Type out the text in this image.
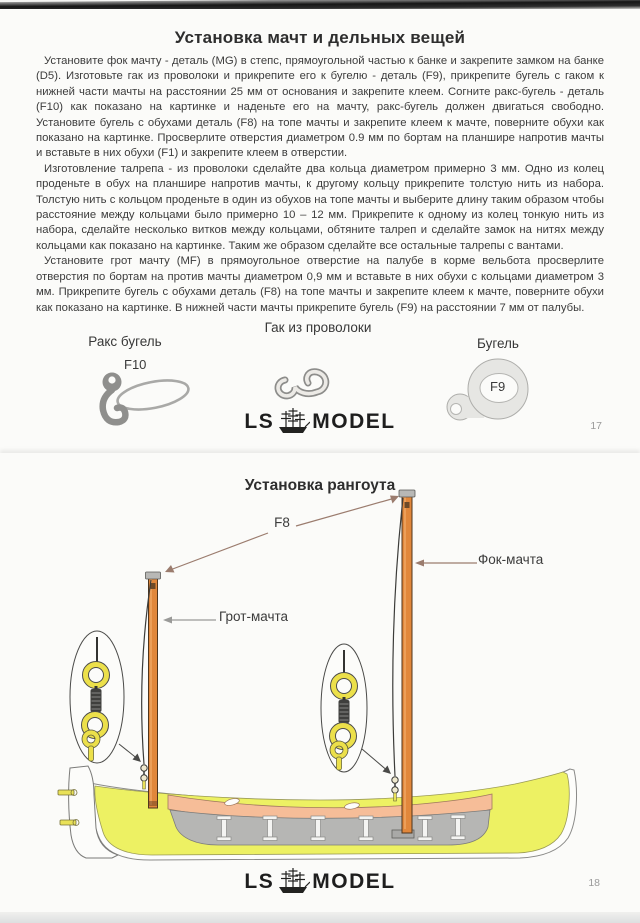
Установка мачт и дельных вещей

Установите фок мачту - деталь (MG) в степс, прямоугольной частью к банке и закрепите замком на банке (D5). Изготовьте гак из проволоки и прикрепите его к бугелю - деталь (F9), прикрепите бугель с гаком к нижней части мачты на расстоянии 25 мм от основания и закрепите клеем. Согните ракс-бугель - деталь (F10) как показано на картинке и наденьте его на мачту, ракс-бугель должен двигаться свободно. Установите бугель с обухами деталь (F8) на топе мачты и закрепите клеем к мачте, поверните обухи как показано на картинке. Просверлите отверстия диаметром 0.9 мм по бортам на планшире напротив мачты и вставьте в них обухи (F1) и закрепите клеем в отверстии.

Изготовление талрепа - из проволоки сделайте два кольца диаметром примерно 3 мм. Одно из колец проденьте в обух на планшире напротив мачты, к другому кольцу прикрепите толстую нить из набора. Толстую нить с кольцом проденьте в один из обухов на топе мачты и выберите длину таким образом чтобы расстояние между кольцами было примерно 10 – 12 мм. Прикрепите к одному из колец тонкую нить из набора, сделайте несколько витков между кольцами, обтяните талреп и сделайте замок на нитях между кольцами как показано на картинке. Таким же образом сделайте все остальные талрепы с вантами.

Установите грот мачту (MF) в прямоугольное отверстие на палубе в корме вельбота просверлите отверстия по бортам на против мачты диаметром 0,9 мм и вставьте в них обухи с кольцами диаметром 3 мм. Прикрепите бугель с обухами деталь (F8) на топе мачты и закрепите клеем к мачте, поверните обухи как показано на картинке. В нижней части мачты прикрепите бугель (F9) на расстоянии 7 мм от палубы.

Ракс бугель
F10
Гак из проволоки
Бугель
F9
LS MODEL	17
Установка рангоута
F8
Фок-мачта
Грот-мачта
LS MODEL	18
